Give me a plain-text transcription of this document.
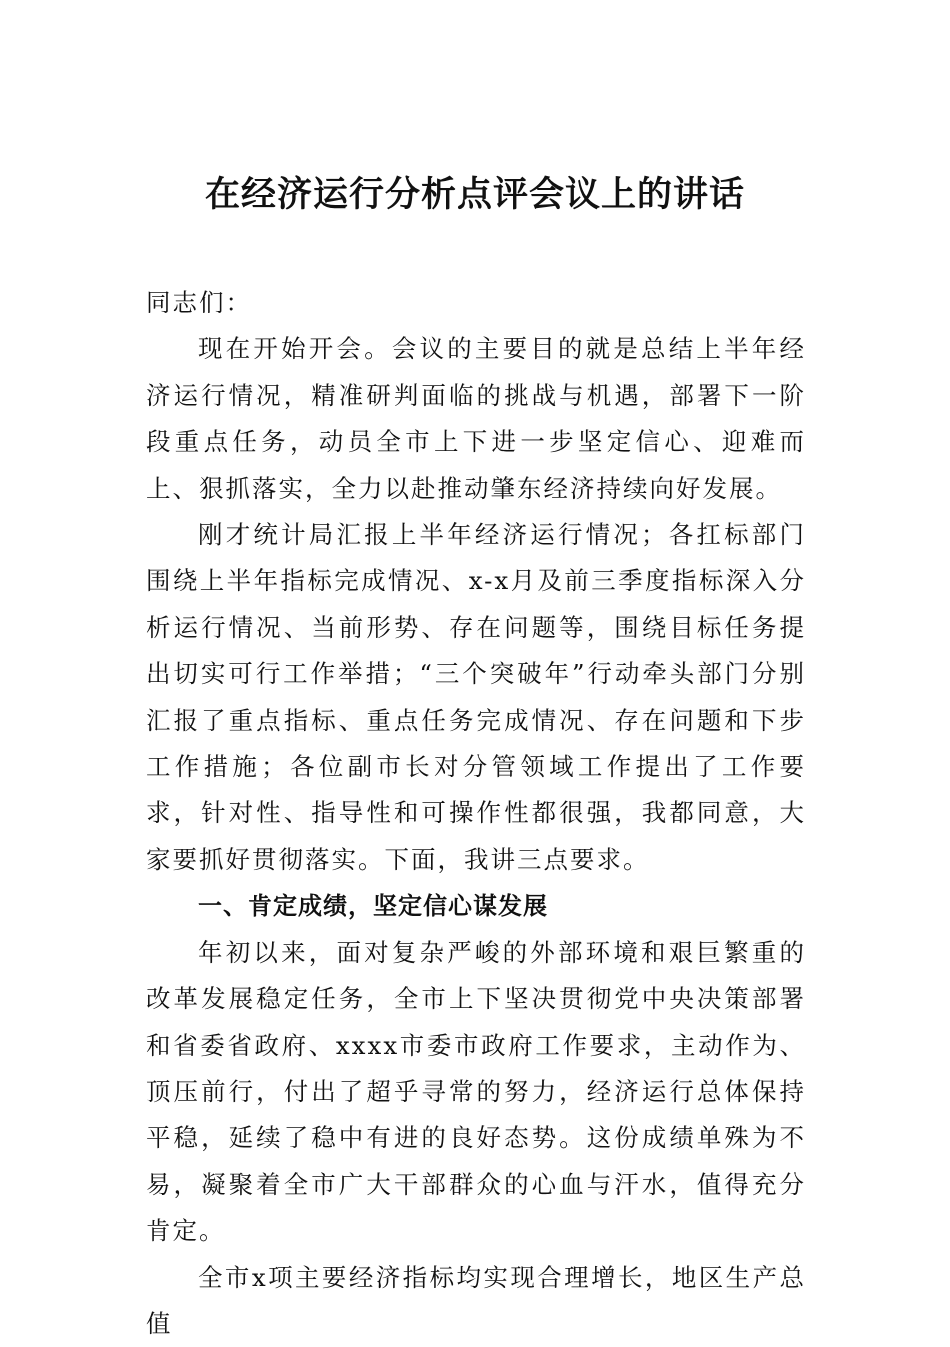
在经济运行分析点评会议上的讲话

同志们：

现在开始开会。会议的主要目的就是总结上半年经济运行情况，精准研判面临的挑战与机遇，部署下一阶段重点任务，动员全市上下进一步坚定信心、迎难而上、狠抓落实，全力以赴推动肇东经济持续向好发展。

刚才统计局汇报上半年经济运行情况；各扛标部门围绕上半年指标完成情况、x-x月及前三季度指标深入分析运行情况、当前形势、存在问题等，围绕目标任务提出切实可行工作举措；“三个突破年”行动牵头部门分别汇报了重点指标、重点任务完成情况、存在问题和下步工作措施；各位副市长对分管领域工作提出了工作要求，针对性、指导性和可操作性都很强，我都同意，大家要抓好贯彻落实。下面，我讲三点要求。

一、肯定成绩，坚定信心谋发展

年初以来，面对复杂严峻的外部环境和艰巨繁重的改革发展稳定任务，全市上下坚决贯彻党中央决策部署和省委省政府、xxxx市委市政府工作要求，主动作为、顶压前行，付出了超乎寻常的努力，经济运行总体保持平稳，延续了稳中有进的良好态势。这份成绩单殊为不易，凝聚着全市广大干部群众的心血与汗水，值得充分肯定。

全市x项主要经济指标均实现合理增长，地区生产总值
